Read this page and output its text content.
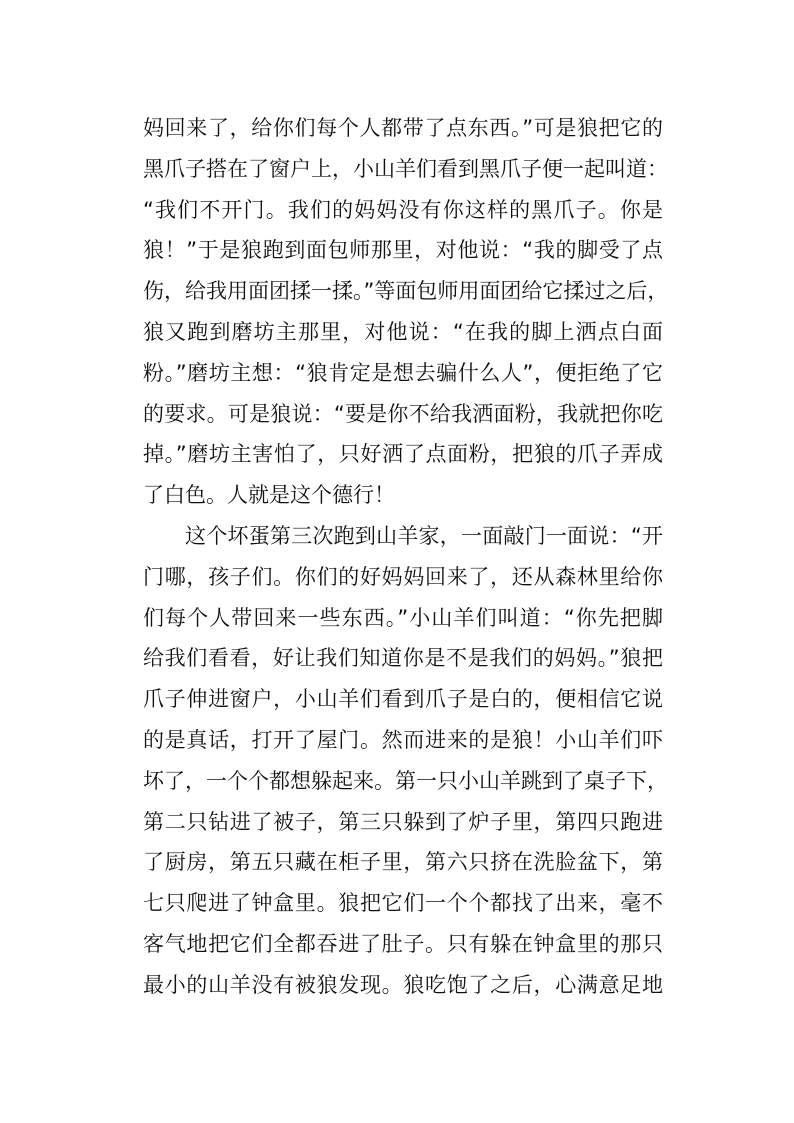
妈回来了，给你们每个人都带了点东西。”可是狼把它的
黑爪子搭在了窗户上，小山羊们看到黑爪子便一起叫道：
“我们不开门。我们的妈妈没有你这样的黑爪子。你是
狼！”于是狼跑到面包师那里，对他说：“我的脚受了点
伤，给我用面团揉一揉。”等面包师用面团给它揉过之后，
狼又跑到磨坊主那里，对他说：“在我的脚上洒点白面
粉。”磨坊主想：“狼肯定是想去骗什么人”，便拒绝了它
的要求。可是狼说：“要是你不给我洒面粉，我就把你吃
掉。”磨坊主害怕了，只好洒了点面粉，把狼的爪子弄成
了白色。人就是这个德行！
这个坏蛋第三次跑到山羊家，一面敲门一面说：“开
门哪，孩子们。你们的好妈妈回来了，还从森林里给你
们每个人带回来一些东西。”小山羊们叫道：“你先把脚
给我们看看，好让我们知道你是不是我们的妈妈。”狼把
爪子伸进窗户，小山羊们看到爪子是白的，便相信它说
的是真话，打开了屋门。然而进来的是狼！小山羊们吓
坏了，一个个都想躲起来。第一只小山羊跳到了桌子下，
第二只钻进了被子，第三只躲到了炉子里，第四只跑进
了厨房，第五只藏在柜子里，第六只挤在洗脸盆下，第
七只爬进了钟盒里。狼把它们一个个都找了出来，毫不
客气地把它们全都吞进了肚子。只有躲在钟盒里的那只
最小的山羊没有被狼发现。狼吃饱了之后，心满意足地
